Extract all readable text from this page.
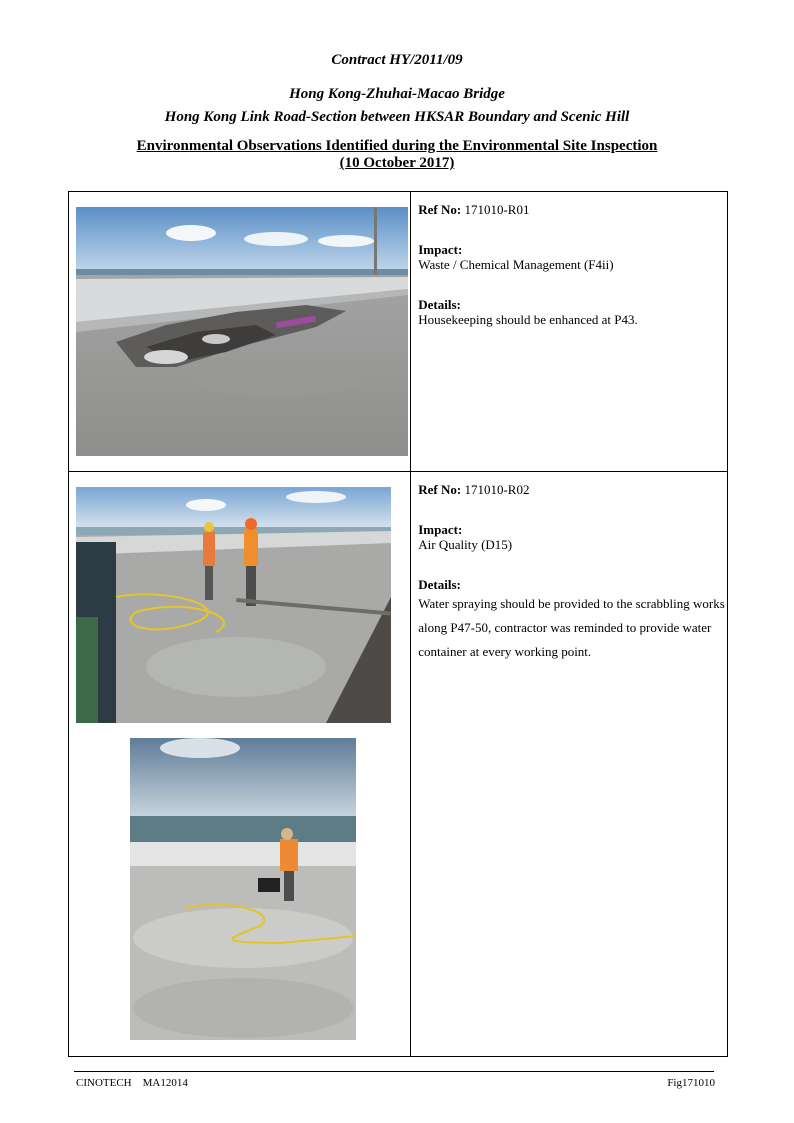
Contract HY/2011/09
Hong Kong-Zhuhai-Macao Bridge
Hong Kong Link Road-Section between HKSAR Boundary and Scenic Hill
Environmental Observations Identified during the Environmental Site Inspection
(10 October 2017)

Ref No: 171010-R01
Impact:
Waste / Chemical Management (F4ii)
Details:
Housekeeping should be enhanced at P43.

Ref No: 171010-R02
Impact:
Air Quality (D15)
Details:
Water spraying should be provided to the scrabbling works along P47-50, contractor was reminded to provide water container at every working point.
CINOTECH    MA12014	Fig171010
